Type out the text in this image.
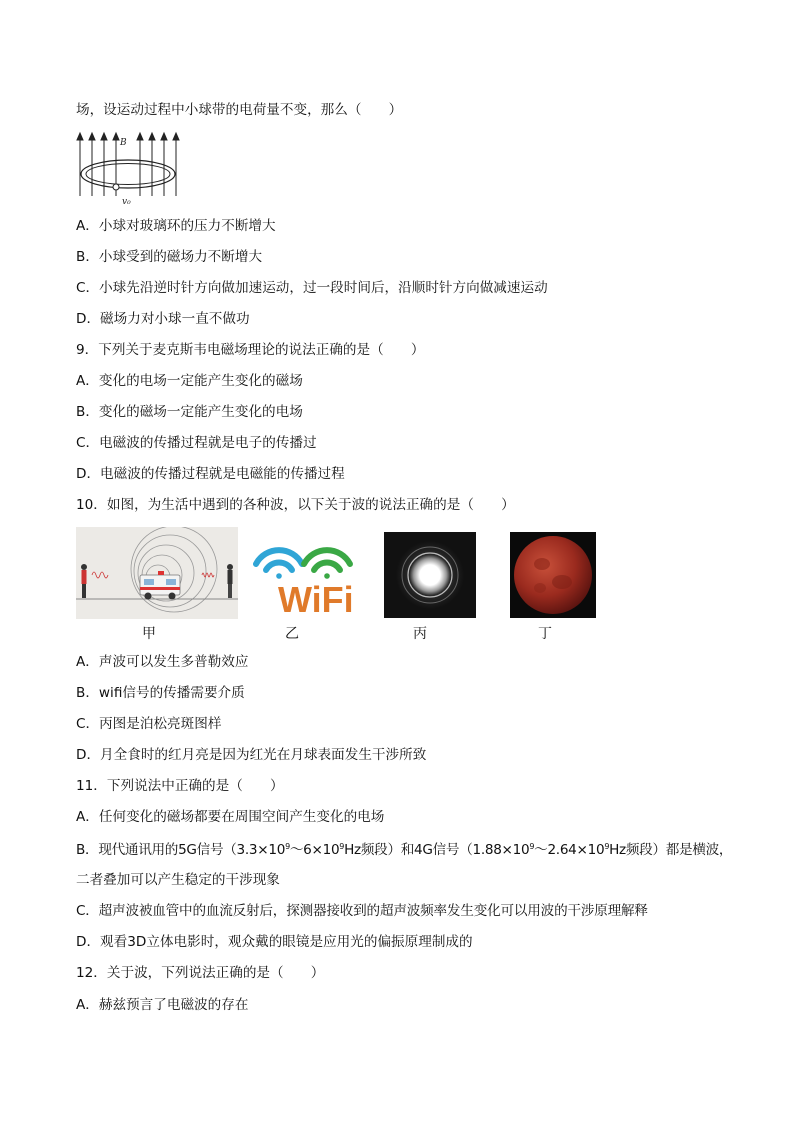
场，设运动过程中小球带的电荷量不变，那么（　　）
B
v₀
A．小球对玻璃环的压力不断增大
B．小球受到的磁场力不断增大
C．小球先沿逆时针方向做加速运动，过一段时间后，沿顺时针方向做减速运动
D．磁场力对小球一直不做功
9．下列关于麦克斯韦电磁场理论的说法正确的是（　　）
A．变化的电场一定能产生变化的磁场
B．变化的磁场一定能产生变化的电场
C．电磁波的传播过程就是电子的传播过
D．电磁波的传播过程就是电磁能的传播过程
10．如图，为生活中遇到的各种波，以下关于波的说法正确的是（　　）
甲
WiFi
乙	丙	丁
A．声波可以发生多普勒效应
B．wifi信号的传播需要介质
C．丙图是泊松亮斑图样
D．月全食时的红月亮是因为红光在月球表面发生干涉所致
11．下列说法中正确的是（　　）
A．任何变化的磁场都要在周围空间产生变化的电场
B．现代通讯用的5G信号（$3.3\times 10^9\sim 6\times 10^9Hz$频段）和4G信号（$1.88\times 10^9\sim 2.64\times 10^9Hz$频段）都是横波，
二者叠加可以产生稳定的干涉现象
C．超声波被血管中的血流反射后，探测器接收到的超声波频率发生变化可以用波的干涉原理解释
D．观看3D立体电影时，观众戴的眼镜是应用光的偏振原理制成的
12．关于波，下列说法正确的是（　　）
A．赫兹预言了电磁波的存在
